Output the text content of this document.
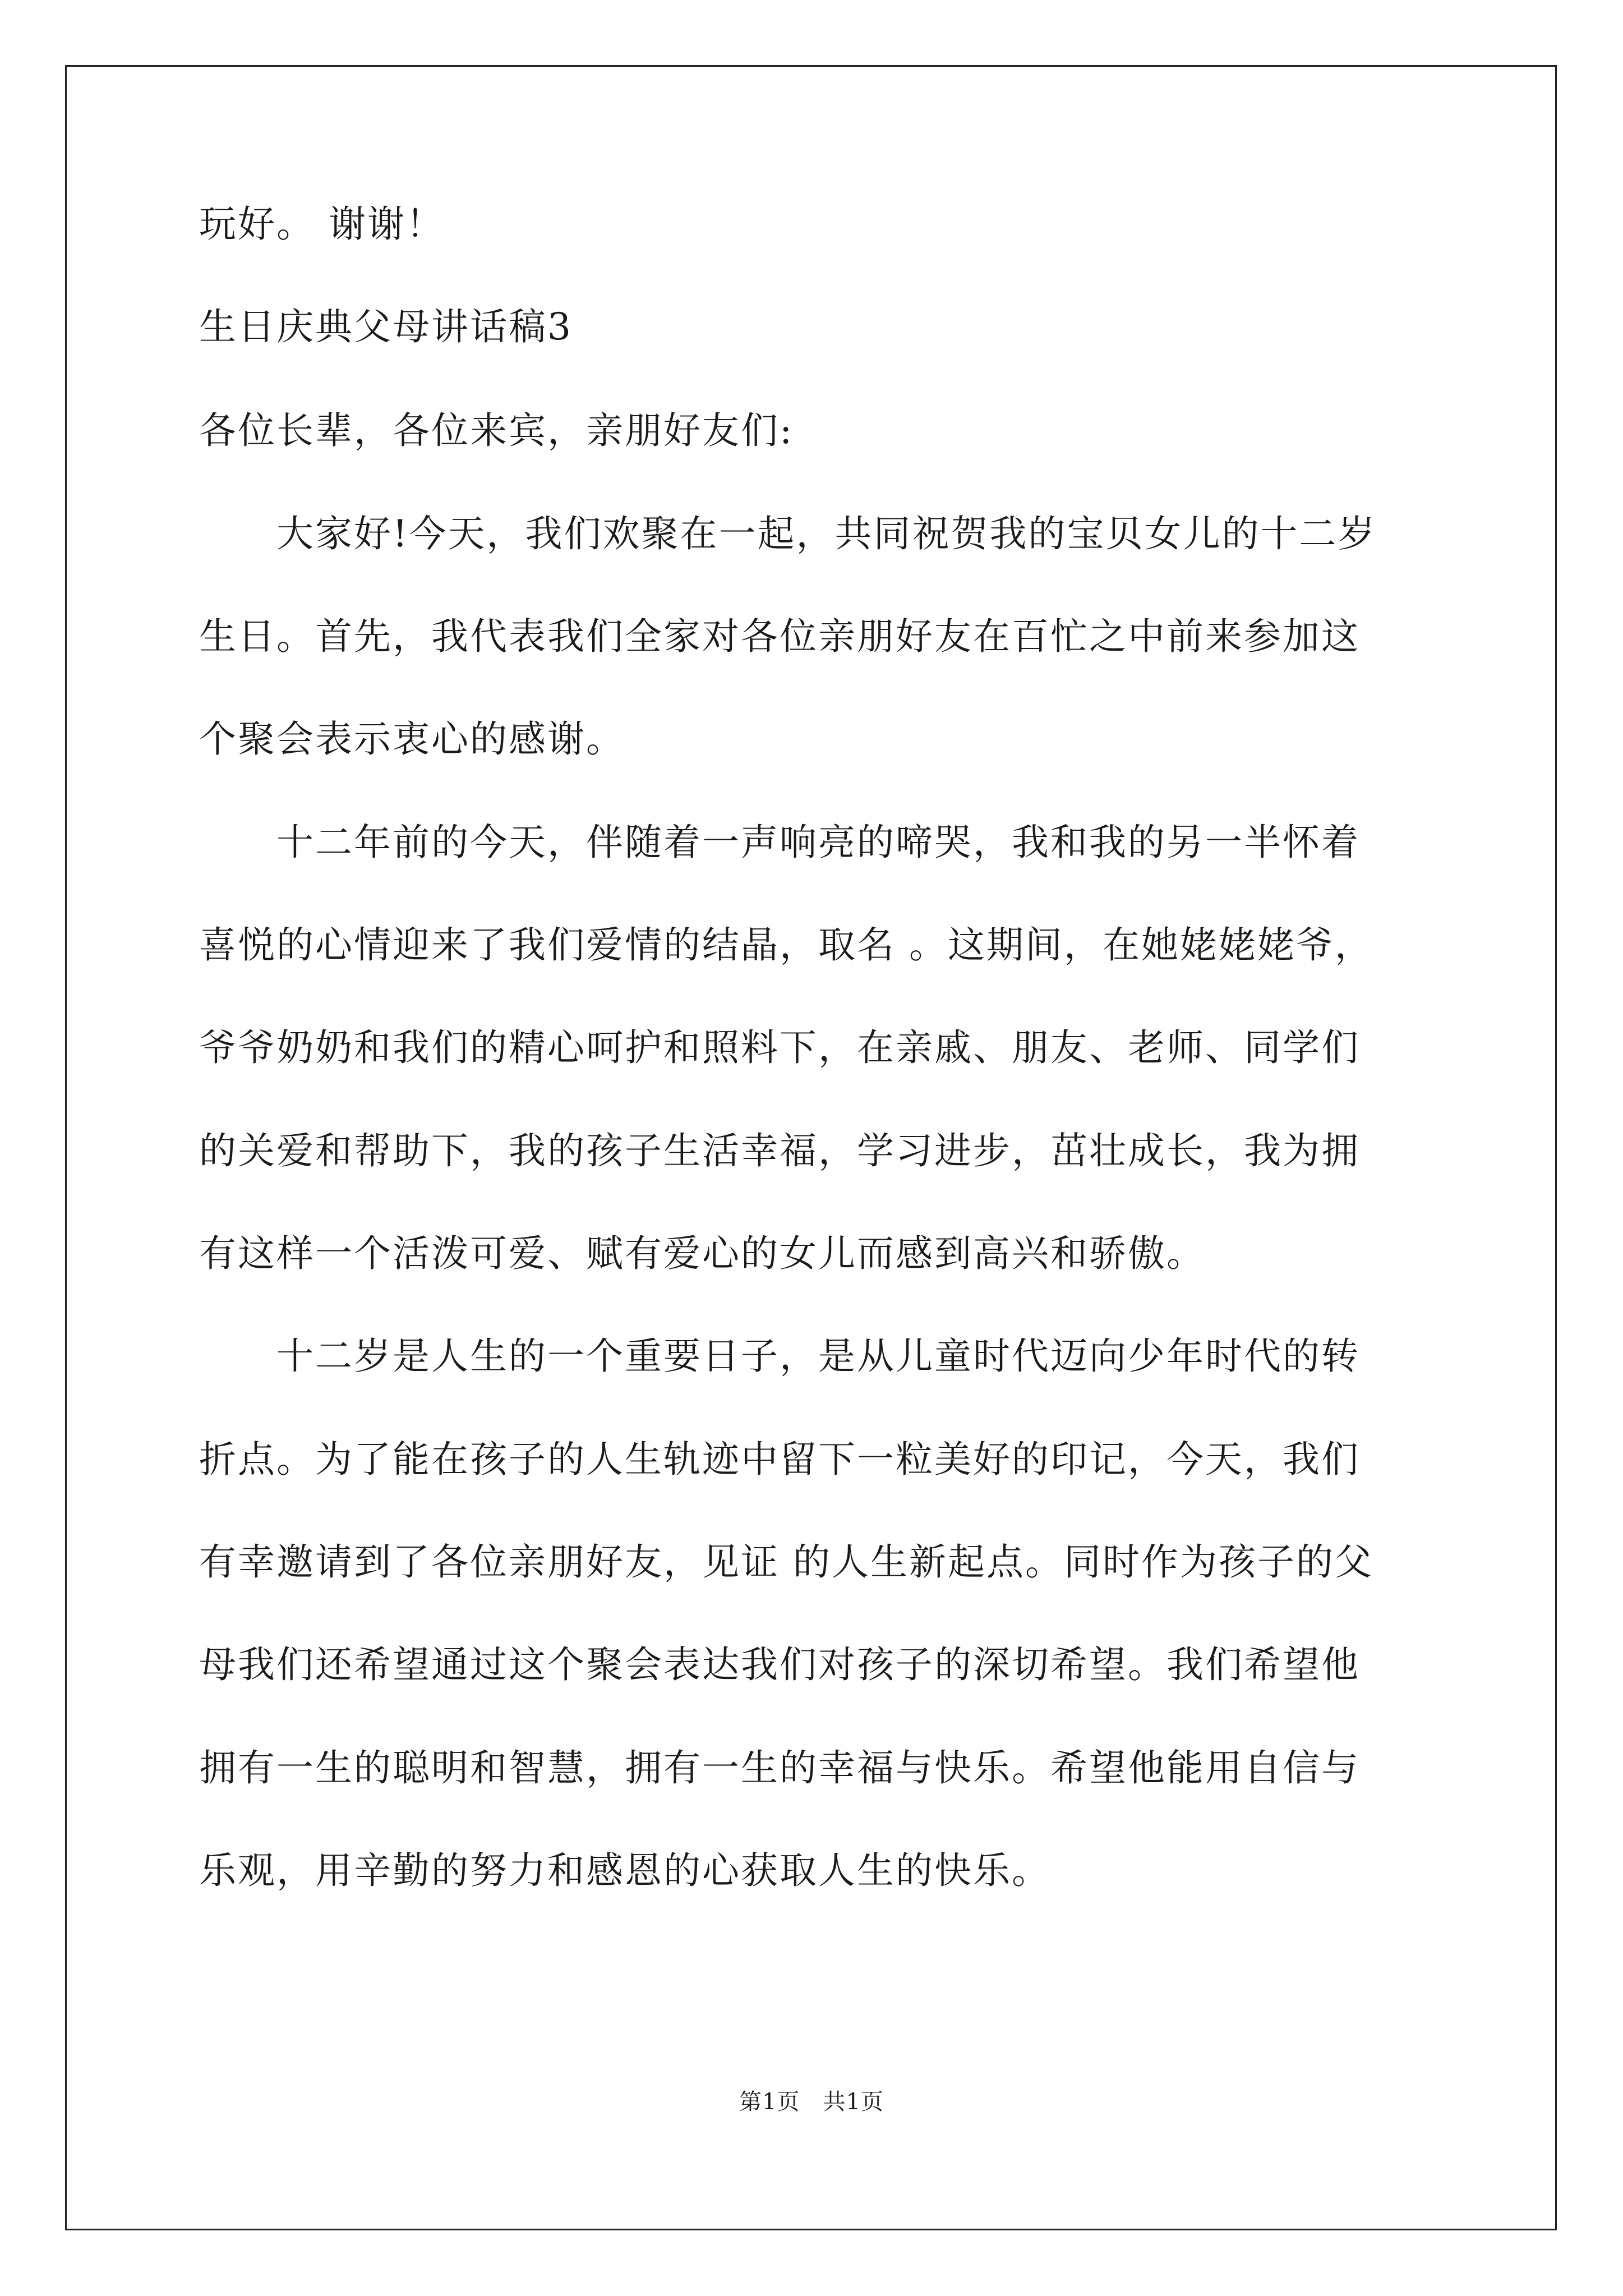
玩好。 谢谢！
生日庆典父母讲话稿3
各位长辈，各位来宾，亲朋好友们:
　　大家好!今天，我们欢聚在一起，共同祝贺我的宝贝女儿的十二岁
生日。首先，我代表我们全家对各位亲朋好友在百忙之中前来参加这
个聚会表示衷心的感谢。
　　十二年前的今天，伴随着一声响亮的啼哭，我和我的另一半怀着
喜悦的心情迎来了我们爱情的结晶，取名 。这期间，在她姥姥姥爷，
爷爷奶奶和我们的精心呵护和照料下，在亲戚、朋友、老师、同学们
的关爱和帮助下，我的孩子生活幸福，学习进步，茁壮成长，我为拥
有这样一个活泼可爱、赋有爱心的女儿而感到高兴和骄傲。
　　十二岁是人生的一个重要日子，是从儿童时代迈向少年时代的转
折点。为了能在孩子的人生轨迹中留下一粒美好的印记，今天，我们
有幸邀请到了各位亲朋好友，见证 的人生新起点。同时作为孩子的父
母我们还希望通过这个聚会表达我们对孩子的深切希望。我们希望他
拥有一生的聪明和智慧，拥有一生的幸福与快乐。希望他能用自信与
乐观，用辛勤的努力和感恩的心获取人生的快乐。
第1页　共1页
